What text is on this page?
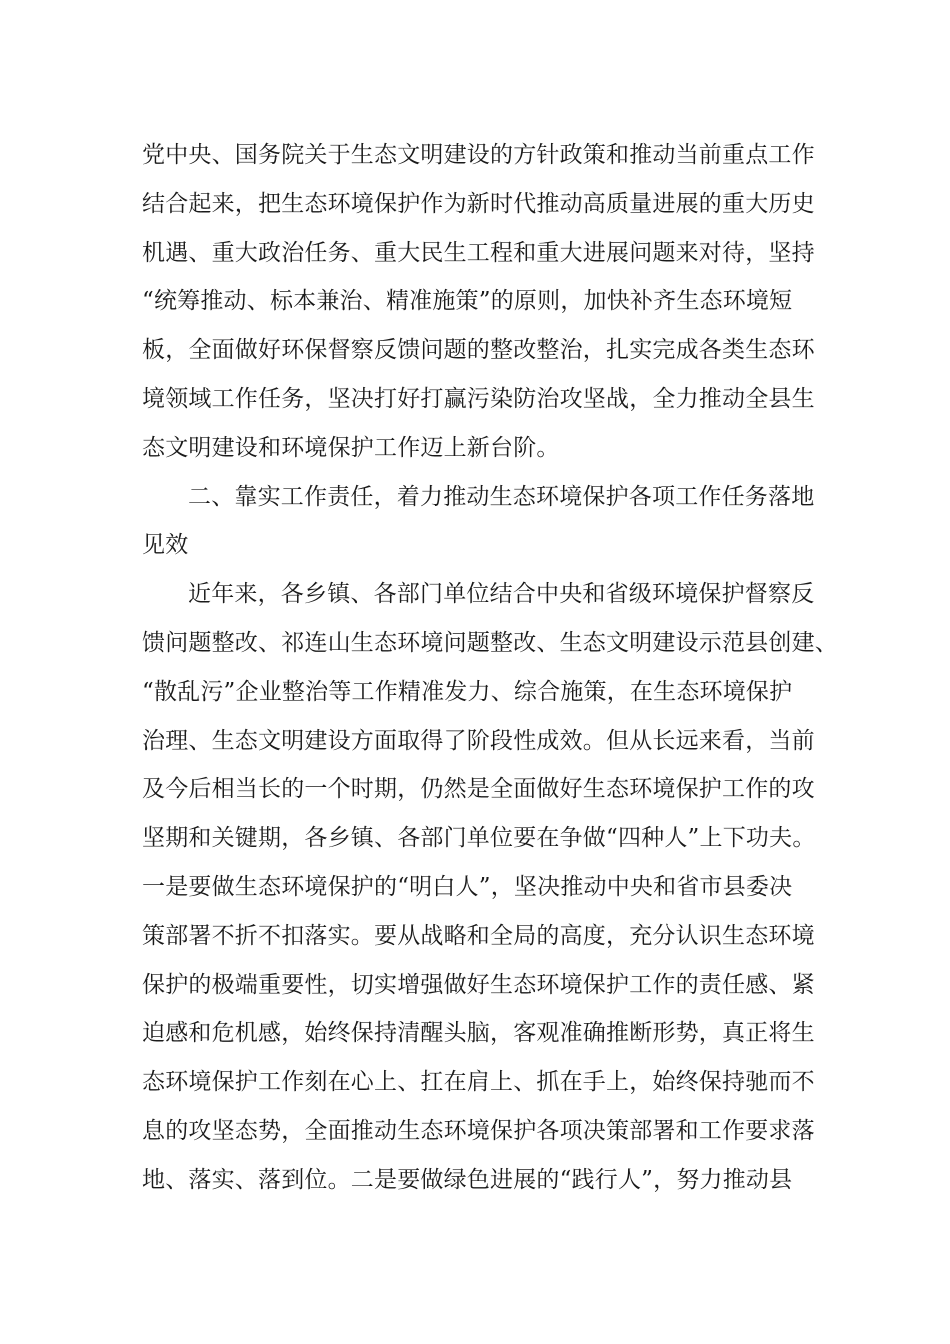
党中央、国务院关于生态文明建设的方针政策和推动当前重点工作
结合起来，把生态环境保护作为新时代推动高质量进展的重大历史
机遇、重大政治任务、重大民生工程和重大进展问题来对待，坚持
“统筹推动、标本兼治、精准施策”的原则，加快补齐生态环境短
板，全面做好环保督察反馈问题的整改整治，扎实完成各类生态环
境领域工作任务，坚决打好打赢污染防治攻坚战，全力推动全县生
态文明建设和环境保护工作迈上新台阶。
二、靠实工作责任，着力推动生态环境保护各项工作任务落地
见效
近年来，各乡镇、各部门单位结合中央和省级环境保护督察反
馈问题整改、祁连山生态环境问题整改、生态文明建设示范县创建、
“散乱污”企业整治等工作精准发力、综合施策，在生态环境保护
治理、生态文明建设方面取得了阶段性成效。但从长远来看，当前
及今后相当长的一个时期，仍然是全面做好生态环境保护工作的攻
坚期和关键期，各乡镇、各部门单位要在争做“四种人”上下功夫。
一是要做生态环境保护的“明白人”，坚决推动中央和省市县委决
策部署不折不扣落实。要从战略和全局的高度，充分认识生态环境
保护的极端重要性，切实增强做好生态环境保护工作的责任感、紧
迫感和危机感，始终保持清醒头脑，客观准确推断形势，真正将生
态环境保护工作刻在心上、扛在肩上、抓在手上，始终保持驰而不
息的攻坚态势，全面推动生态环境保护各项决策部署和工作要求落
地、落实、落到位。二是要做绿色进展的“践行人”，努力推动县
